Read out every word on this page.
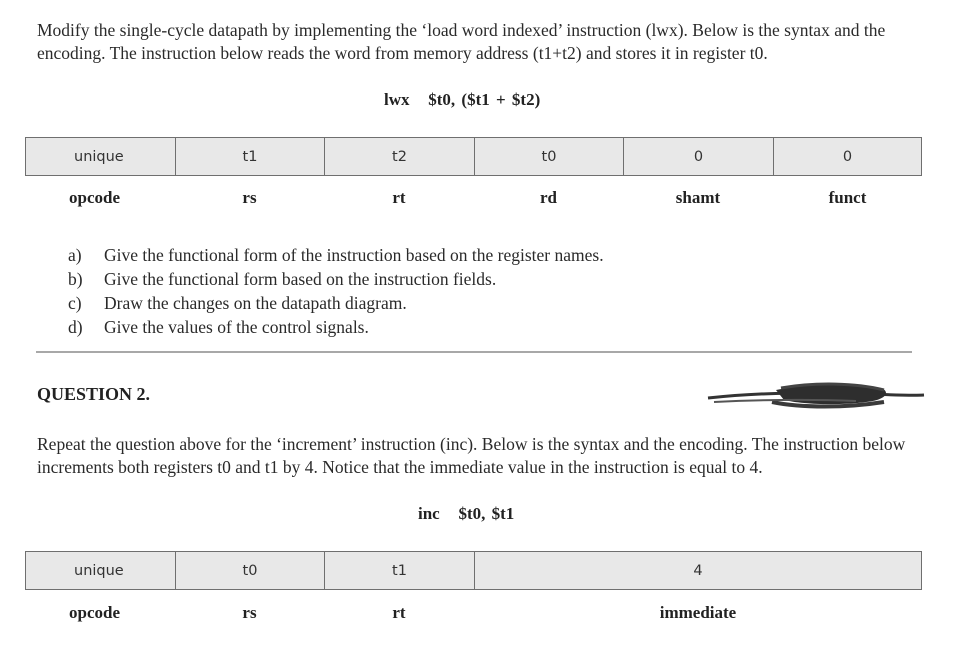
Modify the single-cycle datapath by implementing the ‘load word indexed’ instruction (lwx). Below is the syntax and the encoding. The instruction below reads the word from memory address (t1+t2) and stores it in register t0.
lwx   $t0, ($t1 + $t2)
unique	t1	t2	t0	0	0
opcode	rs	rt	rd	shamt	funct
a) Give the functional form of the instruction based on the register names.
b) Give the functional form based on the instruction fields.
c) Draw the changes on the datapath diagram.
d) Give the values of the control signals.
QUESTION 2.
Repeat the question above for the ‘increment’ instruction (inc). Below is the syntax and the encoding. The instruction below increments both registers t0 and t1 by 4. Notice that the immediate value in the instruction is equal to 4.
inc   $t0, $t1
unique	t0	t1	4
opcode	rs	rt	immediate
